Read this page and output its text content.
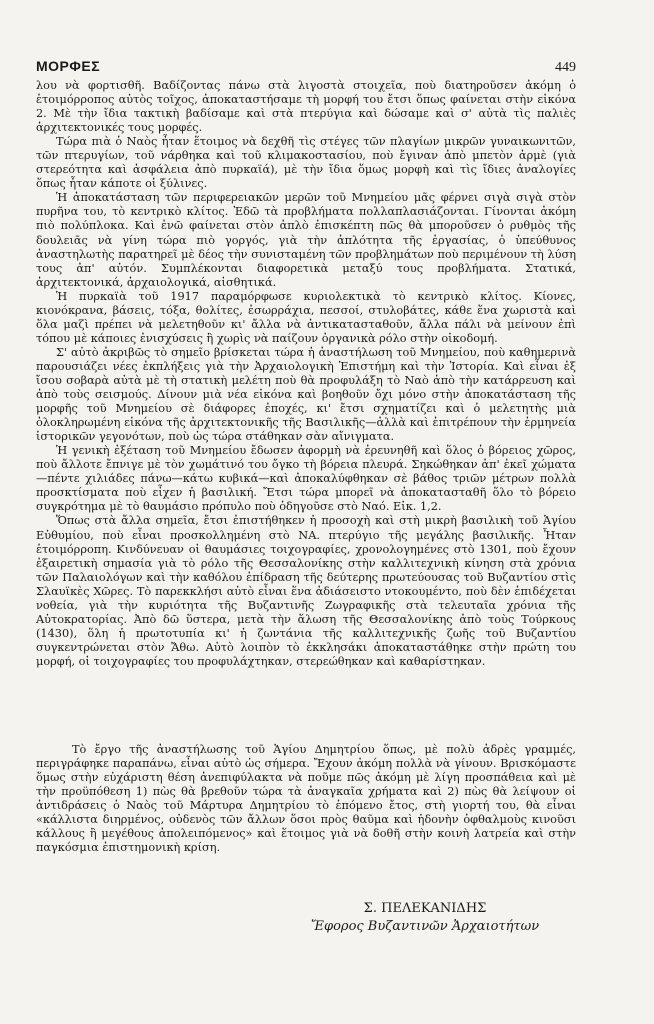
ΜΟΡΦΕΣ	449

λου νὰ φορτισθῆ. Βαδίζοντας πάνω στὰ λιγοστὰ στοιχεῖα, ποὺ διατηροῦσεν ἀκόμη ὁ ἑτοιμόρροπος αὐτὸς τοῖχος, ἀποκαταστήσαμε τὴ μορφή του ἔτσι ὅπως φαίνεται στὴν εἰκόνα 2. Μὲ τὴν ἴδια τακτικὴ βαδίσαμε καὶ στὰ πτερύγια καὶ δώσαμε καὶ σ' αὐτὰ τὶς παλιὲς ἀρχιτεκτονικές τους μορφές.

Τώρα πιὰ ὁ Ναὸς ἦταν ἕτοιμος νὰ δεχθῆ τὶς στέγες τῶν πλαγίων μικρῶν γυναικωνιτῶν, τῶν πτερυγίων, τοῦ νάρθηκα καὶ τοῦ κλιμακοστασίου, ποὺ ἔγιναν ἀπὸ μπετὸν ἀρμὲ (γιὰ στερεότητα καὶ ἀσφάλεια ἀπὸ πυρκαϊά), μὲ τὴν ἴδια ὅμως μορφὴ καὶ τὶς ἴδιες ἀναλογίες ὅπως ἦταν κάποτε οἱ ξύλινες.

Ἡ ἀποκατάσταση τῶν περιφερειακῶν μερῶν τοῦ Μνημείου μᾶς φέρνει σιγὰ σιγὰ στὸν πυρῆνα του, τὸ κεντρικὸ κλίτος. Ἐδῶ τὰ προβλήματα πολλαπλασιάζονται. Γίνονται ἀκόμη πιὸ πολύπλοκα. Καὶ ἐνῶ φαίνεται στὸν ἁπλὸ ἐπισκέπτη πῶς θὰ μποροῦσεν ὁ ρυθμὸς τῆς δουλειᾶς νὰ γίνη τώρα πιὸ γοργός, γιὰ τὴν ἁπλότητα τῆς ἐργασίας, ὁ ὑπεύθυνος ἀναστηλωτὴς παρατηρεῖ μὲ δέος τὴν συνισταμένη τῶν προβλημάτων ποὺ περιμένουν τὴ λύση τους ἀπ' αὐτόν. Συμπλέκονται διαφορετικὰ μεταξύ τους προβλήματα. Στατικά, ἀρχιτεκτονικά, ἀρχαιολογικά, αἰσθητικά.

Ἡ πυρκαϊὰ τοῦ 1917 παραμόρφωσε κυριολεκτικὰ τὸ κεντρικὸ κλίτος. Κίονες, κιονόκρανα, βάσεις, τόξα, θολίτες, ἐσωρράχια, πεσσοί, στυλοβάτες, κάθε ἕνα χωριστὰ καὶ ὅλα μαζὶ πρέπει νὰ μελετηθοῦν κι' ἄλλα νὰ ἀντικατασταθοῦν, ἄλλα πάλι νὰ μείνουν ἐπὶ τόπου μὲ κάποιες ἐνισχύσεις ἢ χωρὶς νὰ παίζουν ὀργανικὰ ρόλο στὴν οἰκοδομή.

Σ' αὐτὸ ἀκριβῶς τὸ σημεῖο βρίσκεται τώρα ἡ ἀναστήλωση τοῦ Μνημείου, ποὺ καθημερινὰ παρουσιάζει νέες ἐκπλήξεις γιὰ τὴν Ἀρχαιολογικὴ Ἐπιστήμη καὶ τὴν Ἱστορία. Καὶ εἶναι ἐξ ἴσου σοβαρὰ αὐτὰ μὲ τὴ στατικὴ μελέτη ποὺ θὰ προφυλάξη τὸ Ναὸ ἀπὸ τὴν κατάρρευση καὶ ἀπὸ τοὺς σεισμούς. Δίνουν μιὰ νέα εἰκόνα καὶ βοηθοῦν ὄχι μόνο στὴν ἀποκατάσταση τῆς μορφῆς τοῦ Μνημείου σὲ διάφορες ἐποχές, κι' ἔτσι σχηματίζει καὶ ὁ μελετητὴς μιὰ ὁλοκληρωμένη εἰκόνα τῆς ἀρχιτεκτονικῆς τῆς Βασιλικῆς—ἀλλὰ καὶ ἐπιτρέπουν τὴν ἑρμηνεία ἱστορικῶν γεγονότων, ποὺ ὡς τώρα στάθηκαν σὰν αἴνιγματα.

Ἡ γενικὴ ἐξέταση τοῦ Μνημείου ἔδωσεν ἀφορμὴ νὰ ἐρευνηθῆ καὶ ὅλος ὁ βόρειος χῶρος, ποὺ ἄλλοτε ἔπνιγε μὲ τὸν χωμάτινό του ὄγκο τὴ βόρεια πλευρά. Σηκώθηκαν ἀπ' ἐκεῖ χώματα—πέντε χιλιάδες πάνω—κάτω κυβικά—καὶ ἀποκαλύφθηκαν σὲ βάθος τριῶν μέτρων πολλὰ προσκτίσματα ποὺ εἶχεν ἡ βασιλική. Ἔτσι τώρα μπορεῖ νὰ ἀποκατασταθῆ ὅλο τὸ βόρειο συγκρότημα μὲ τὸ θαυμάσιο πρόπυλο ποὺ ὁδηγοῦσε στὸ Ναό. Εἰκ. 1,2.

Ὅπως στὰ ἄλλα σημεῖα, ἔτσι ἐπιστήθηκεν ἡ προσοχὴ καὶ στὴ μικρὴ βασιλικὴ τοῦ Ἁγίου Εὐθυμίου, ποὺ εἶναι προσκολλημένη στὸ ΝΑ. πτερύγιο τῆς μεγάλης βασιλικῆς. Ἦταν ἑτοιμόρροπη. Κινδύνευαν οἱ θαυμάσιες τοιχογραφίες, χρονολογημένες στὸ 1301, ποὺ ἔχουν ἐξαιρετικὴ σημασία γιὰ τὸ ρόλο τῆς Θεσσαλονίκης στὴν καλλιτεχνικὴ κίνηση στὰ χρόνια τῶν Παλαιολόγων καὶ τὴν καθόλου ἐπίδραση τῆς δεύτερης πρωτεύουσας τοῦ Βυζαντίου στὶς Σλαυϊκὲς Χῶρες. Τὸ παρεκκλήσι αὐτὸ εἶναι ἕνα ἀδιάσειστο ντοκουμέντο, ποὺ δὲν ἐπιδέχεται νοθεία, γιὰ τὴν κυριότητα τῆς Βυζαντινῆς Ζωγραφικῆς στὰ τελευταῖα χρόνια τῆς Αὐτοκρατορίας. Ἀπὸ δῶ ὕστερα, μετὰ τὴν ἅλωση τῆς Θεσσαλονίκης ἀπὸ τοὺς Τούρκους (1430), ὅλη ἡ πρωτοτυπία κι' ἡ ζωντάνια τῆς καλλιτεχνικῆς ζωῆς τοῦ Βυζαντίου συγκεντρώνεται στὸν Ἄθω. Αὐτὸ λοιπὸν τὸ ἐκκλησάκι ἀποκαταστάθηκε στὴν πρώτη του μορφή, οἱ τοιχογραφίες του προφυλάχτηκαν, στερεώθηκαν καὶ καθαρίστηκαν.

Τὸ ἔργο τῆς ἀναστήλωσης τοῦ Ἁγίου Δημητρίου ὅπως, μὲ πολὺ ἀδρὲς γραμμές, περιγράφηκε παραπάνω, εἶναι αὐτὸ ὡς σήμερα. Ἔχουν ἀκόμη πολλὰ νὰ γίνουν. Βρισκόμαστε ὅμως στὴν εὐχάριστη θέση ἀνεπιφύλακτα νὰ ποῦμε πῶς ἀκόμη μὲ λίγη προσπάθεια καὶ μὲ τὴν προϋπόθεση 1) πὼς θὰ βρεθοῦν τώρα τὰ ἀναγκαῖα χρήματα καὶ 2) πὼς θὰ λείψουν οἱ ἀντιδράσεις ὁ Ναὸς τοῦ Μάρτυρα Δημητρίου τὸ ἑπόμενο ἔτος, στὴ γιορτή του, θὰ εἶναι «κάλλιστα διηρμένος, οὐδενὸς τῶν ἄλλων ὅσοι πρὸς θαῦμα καὶ ἡδονὴν ὀφθαλμοὺς κινοῦσι κάλλους ἢ μεγέθους ἀπολειπόμενος» καὶ ἕτοιμος γιὰ νὰ δοθῆ στὴν κοινὴ λατρεία καὶ στὴν παγκόσμια ἐπιστημονικὴ κρίση.

Σ. ΠΕΛΕΚΑΝΙΔΗΣ
Ἔφορος Βυζαντινῶν Ἀρχαιοτήτων
